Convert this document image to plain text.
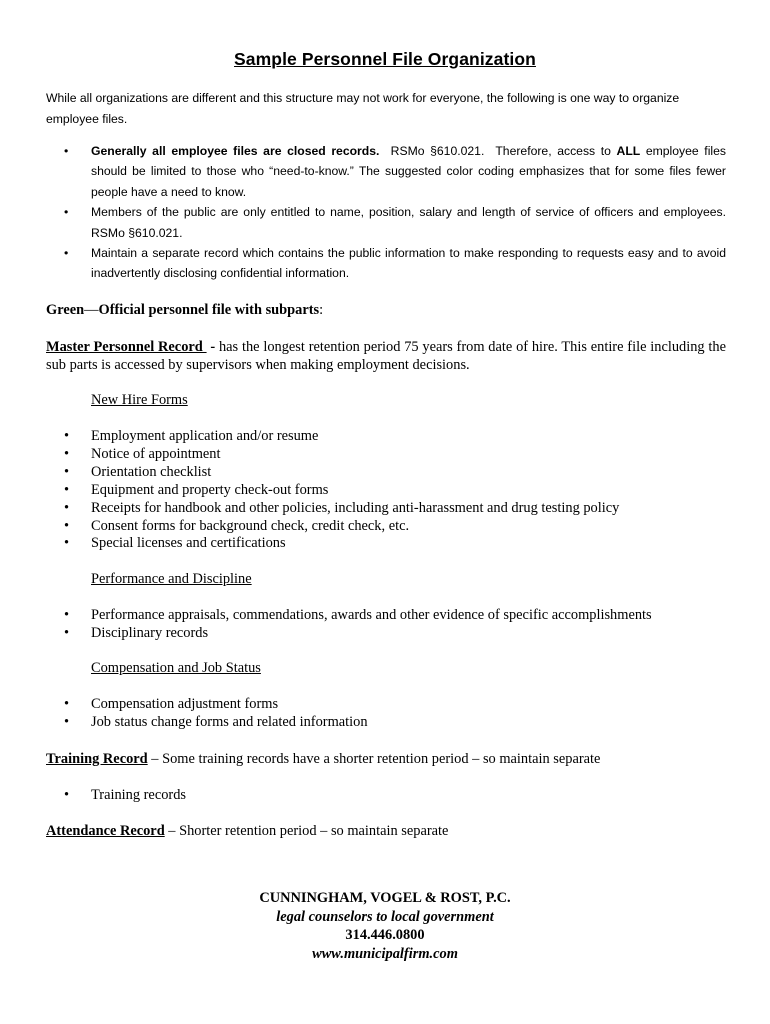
Sample Personnel File Organization

While all organizations are different and this structure may not work for everyone, the following is one way to organize employee files.

• Generally all employee files are closed records.  RSMo §610.021.  Therefore, access to ALL employee files should be limited to those who “need-to-know.” The suggested color coding emphasizes that for some files fewer people have a need to know.
• Members of the public are only entitled to name, position, salary and length of service of officers and employees. RSMo §610.021.
• Maintain a separate record which contains the public information to make responding to requests easy and to avoid inadvertently disclosing confidential information.

Green—Official personnel file with subparts:

Master Personnel Record  - has the longest retention period 75 years from date of hire. This entire file including the sub parts is accessed by supervisors when making employment decisions.

New Hire Forms
• Employment application and/or resume
• Notice of appointment
• Orientation checklist
• Equipment and property check-out forms
• Receipts for handbook and other policies, including anti-harassment and drug testing policy
• Consent forms for background check, credit check, etc.
• Special licenses and certifications
Performance and Discipline
• Performance appraisals, commendations, awards and other evidence of specific accomplishments
• Disciplinary records
Compensation and Job Status
• Compensation adjustment forms
• Job status change forms and related information

Training Record – Some training records have a shorter retention period – so maintain separate

• Training records

Attendance Record – Shorter retention period – so maintain separate

CUNNINGHAM, VOGEL & ROST, P.C.
legal counselors to local government
314.446.0800
www.municipalfirm.com
